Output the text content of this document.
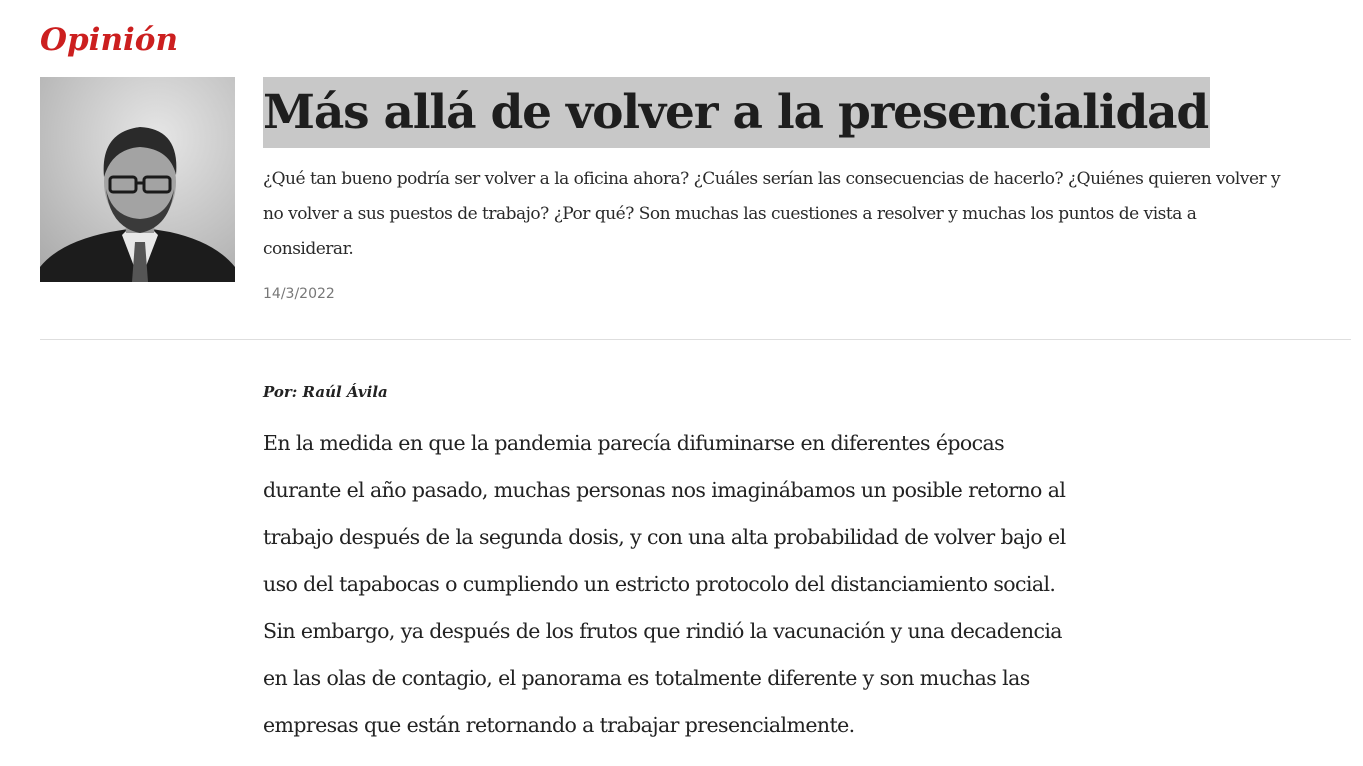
Opinión
Más allá de volver a la presencialidad

¿Qué tan bueno podría ser volver a la oficina ahora? ¿Cuáles serían las consecuencias de hacerlo? ¿Quiénes quieren volver y
no volver a sus puestos de trabajo? ¿Por qué? Son muchas las cuestiones a resolver y muchas los puntos de vista a
considerar.

14/3/2022

Por: Raúl Ávila

En la medida en que la pandemia parecía difuminarse en diferentes épocas
durante el año pasado, muchas personas nos imaginábamos un posible retorno al
trabajo después de la segunda dosis, y con una alta probabilidad de volver bajo el
uso del tapabocas o cumpliendo un estricto protocolo del distanciamiento social.
Sin embargo, ya después de los frutos que rindió la vacunación y una decadencia
en las olas de contagio, el panorama es totalmente diferente y son muchas las
empresas que están retornando a trabajar presencialmente.
